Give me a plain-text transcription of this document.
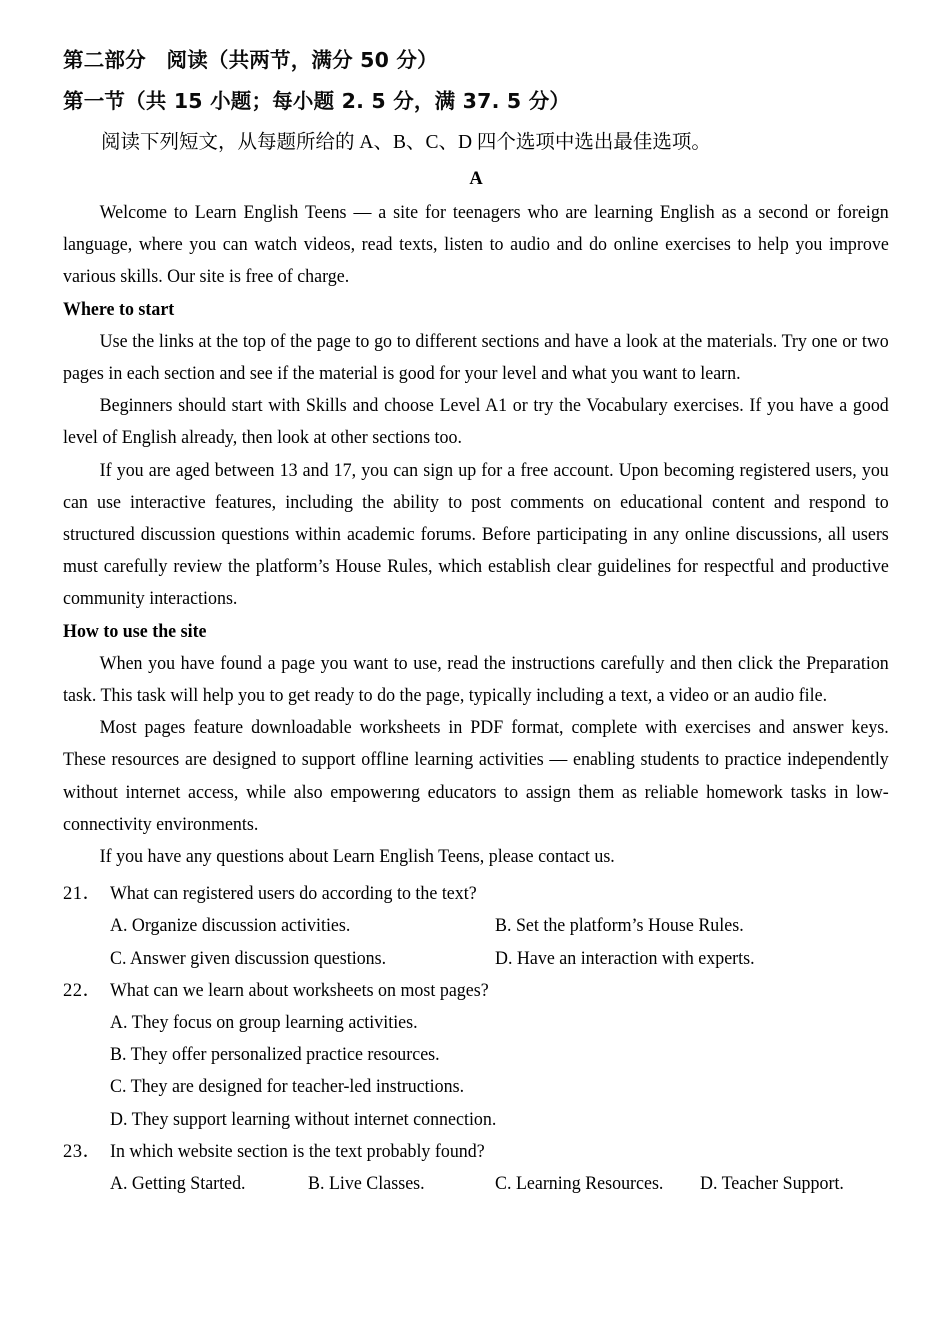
第二部分　阅读（共两节，满分 50 分）
第一节（共 15 小题；每小题 2. 5 分，满 37. 5 分）
阅读下列短文，从每题所给的 A、B、C、D 四个选项中选出最佳选项。
A

Welcome to Learn English Teens — a site for teenagers who are learning English as a second or foreign language, where you can watch videos, read texts, listen to audio and do online exercises to help you improve various skills. Our site is free of charge.

Where to start

Use the links at the top of the page to go to different sections and have a look at the materials. Try one or two pages in each section and see if the material is good for your level and what you want to learn.

Beginners should start with Skills and choose Level A1 or try the Vocabulary exercises. If you have a good level of English already, then look at other sections too.

If you are aged between 13 and 17, you can sign up for a free account. Upon becoming registered users, you can use interactive features, including the ability to post comments on educational content and respond to structured discussion questions within academic forums. Before participating in any online discussions, all users must carefully review the platform’s House Rules, which establish clear guidelines for respectful and productive community interactions.

How to use the site

When you have found a page you want to use, read the instructions carefully and then click the Preparation task. This task will help you to get ready to do the page, typically including a text, a video or an audio file.

Most pages feature downloadable worksheets in PDF format, complete with exercises and answer keys. These resources are designed to support offline learning activities — enabling students to practice independently without internet access, while also empowerıng educators to assign them as reliable homework tasks in low-connectivity environments.

If you have any questions about Learn English Teens, please contact us.

21． What can registered users do according to the text?
A. Organize discussion activities.	B. Set the platform’s House Rules.
C. Answer given discussion questions.	D. Have an interaction with experts.
22． What can we learn about worksheets on most pages?
A. They focus on group learning activities.
B. They offer personalized practice resources.
C. They are designed for teacher-led instructions.
D. They support learning without internet connection.
23． In which website section is the text probably found?
A. Getting Started.	B. Live Classes.	C. Learning Resources.	D. Teacher Support.
